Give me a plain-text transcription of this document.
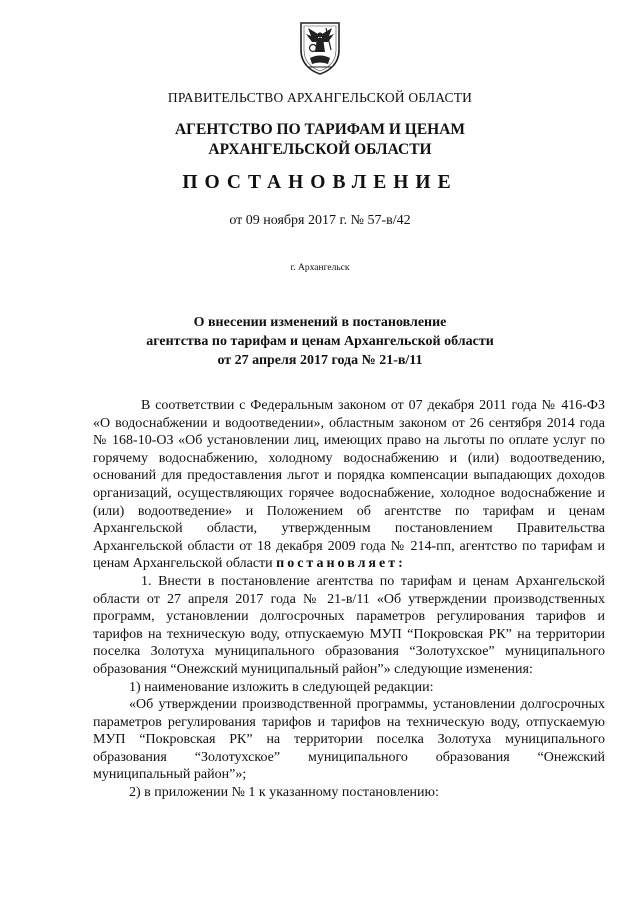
ПРАВИТЕЛЬСТВО АРХАНГЕЛЬСКОЙ ОБЛАСТИ
АГЕНТСТВО ПО ТАРИФАМ И ЦЕНАМ
АРХАНГЕЛЬСКОЙ ОБЛАСТИ
ПОСТАНОВЛЕНИЕ
от 09 ноября 2017 г. № 57-в/42
г. Архангельск
О внесении изменений в постановление
агентства по тарифам и ценам Архангельской области
от 27 апреля 2017 года № 21-в/11

В соответствии с Федеральным законом от 07 декабря 2011 года № 416-ФЗ «О водоснабжении и водоотведении», областным законом от 26 сентября 2014 года № 168-10-ОЗ «Об установлении лиц, имеющих право на льготы по оплате услуг по горячему водоснабжению, холодному водоснабжению и (или) водоотведению, оснований для предоставления льгот и порядка компенсации выпадающих доходов организаций, осуществляющих горячее водоснабжение, холодное водоснабжение и (или) водоотведение» и Положением об агентстве по тарифам и ценам Архангельской области, утвержденным постановлением Правительства Архангельской области от 18 декабря 2009 года № 214-пп, агентство по тарифам и ценам Архангельской области постановляет:

1. Внести в постановление агентства по тарифам и ценам Архангельской области от 27 апреля 2017 года № 21-в/11 «Об утверждении производственных программ, установлении долгосрочных параметров регулирования тарифов и тарифов на техническую воду, отпускаемую МУП “Покровская РК” на территории поселка Золотуха муниципального образования “Золотухское” муниципального образования “Онежский муниципальный район”» следующие изменения:

1) наименование изложить в следующей редакции:

«Об утверждении производственной программы, установлении долгосрочных параметров регулирования тарифов и тарифов на техническую воду, отпускаемую МУП “Покровская РК” на территории поселка Золотуха муниципального образования “Золотухское” муниципального образования “Онежский муниципальный район”»;

2) в приложении № 1 к указанному постановлению:
